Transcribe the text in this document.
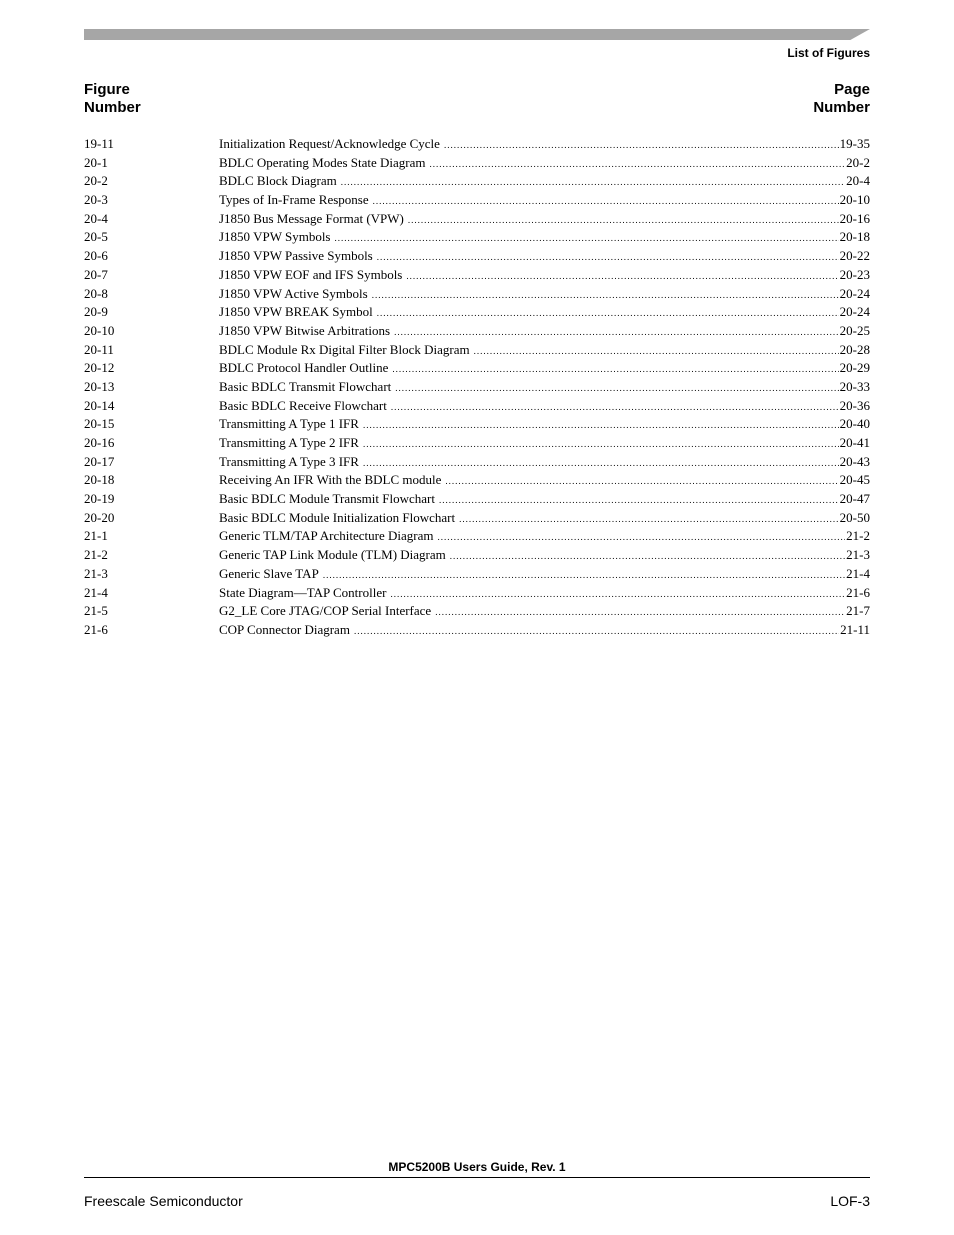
List of Figures
Figure
Number
Page
Number
19-11	Initialization Request/Acknowledge Cycle .....	19-35
20-1	BDLC Operating Modes State Diagram .....	20-2
20-2	BDLC Block Diagram .....	20-4
20-3	Types of In-Frame Response .....	20-10
20-4	J1850 Bus Message Format (VPW) .....	20-16
20-5	J1850 VPW Symbols .....	20-18
20-6	J1850 VPW Passive Symbols .....	20-22
20-7	J1850 VPW EOF and IFS Symbols .....	20-23
20-8	J1850 VPW Active Symbols .....	20-24
20-9	J1850 VPW BREAK Symbol .....	20-24
20-10	J1850 VPW Bitwise Arbitrations .....	20-25
20-11	BDLC Module Rx Digital Filter Block Diagram .....	20-28
20-12	BDLC Protocol Handler Outline .....	20-29
20-13	Basic BDLC Transmit Flowchart .....	20-33
20-14	Basic BDLC Receive Flowchart .....	20-36
20-15	Transmitting A Type 1 IFR .....	20-40
20-16	Transmitting A Type 2 IFR .....	20-41
20-17	Transmitting A Type 3 IFR .....	20-43
20-18	Receiving An IFR With the BDLC module .....	20-45
20-19	Basic BDLC Module Transmit Flowchart .....	20-47
20-20	Basic BDLC Module Initialization Flowchart .....	20-50
21-1	Generic TLM/TAP Architecture Diagram .....	21-2
21-2	Generic TAP Link Module (TLM) Diagram .....	21-3
21-3	Generic Slave TAP .....	21-4
21-4	State Diagram—TAP Controller .....	21-6
21-5	G2_LE Core JTAG/COP Serial Interface .....	21-7
21-6	COP Connector Diagram .....	21-11
MPC5200B Users Guide, Rev. 1
Freescale Semiconductor	LOF-3
